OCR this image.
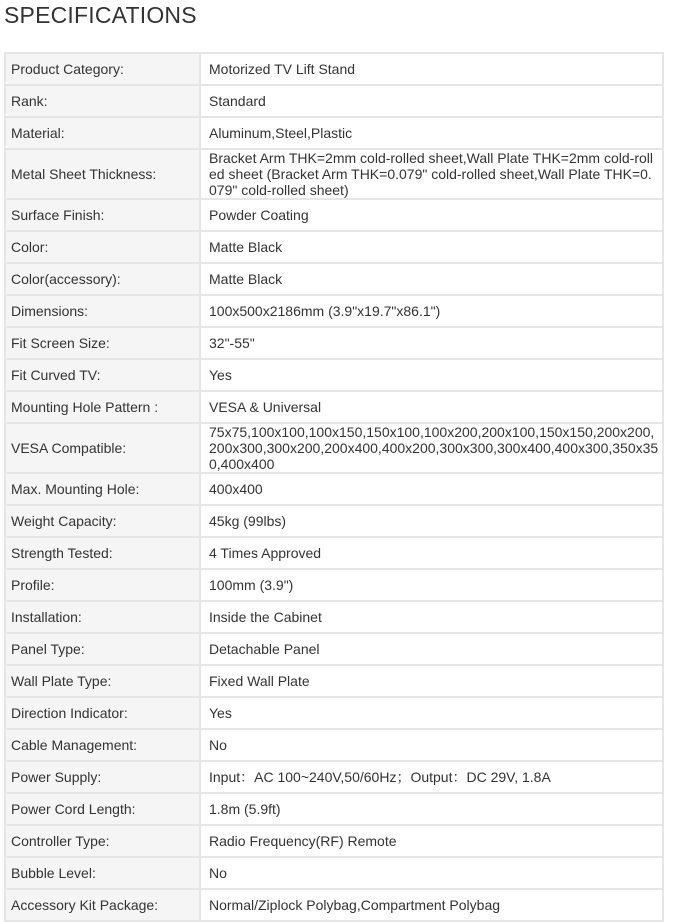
SPECIFICATIONS
Product Category:	Motorized TV Lift Stand
Rank:	Standard
Material:	Aluminum,Steel,Plastic
Metal Sheet Thickness:	Bracket Arm THK=2mm cold-rolled sheet,Wall Plate THK=2mm cold-rolled sheet (Bracket Arm THK=0.079" cold-rolled sheet,Wall Plate THK=0.079" cold-rolled sheet)
Surface Finish:	Powder Coating
Color:	Matte Black
Color(accessory):	Matte Black
Dimensions:	100x500x2186mm (3.9"x19.7"x86.1")
Fit Screen Size:	32"-55"
Fit Curved TV:	Yes
Mounting Hole Pattern :	VESA & Universal
VESA Compatible:	75x75,100x100,100x150,150x100,100x200,200x100,150x150,200x200,200x300,300x200,200x400,400x200,300x300,300x400,400x300,350x350,400x400
Max. Mounting Hole:	400x400
Weight Capacity:	45kg (99lbs)
Strength Tested:	4 Times Approved
Profile:	100mm (3.9")
Installation:	Inside the Cabinet
Panel Type:	Detachable Panel
Wall Plate Type:	Fixed Wall Plate
Direction Indicator:	Yes
Cable Management:	No
Power Supply:	Input：AC 100~240V,50/60Hz；Output：DC 29V, 1.8A
Power Cord Length:	1.8m (5.9ft)
Controller Type:	Radio Frequency(RF) Remote
Bubble Level:	No
Accessory Kit Package:	Normal/Ziplock Polybag,Compartment Polybag
